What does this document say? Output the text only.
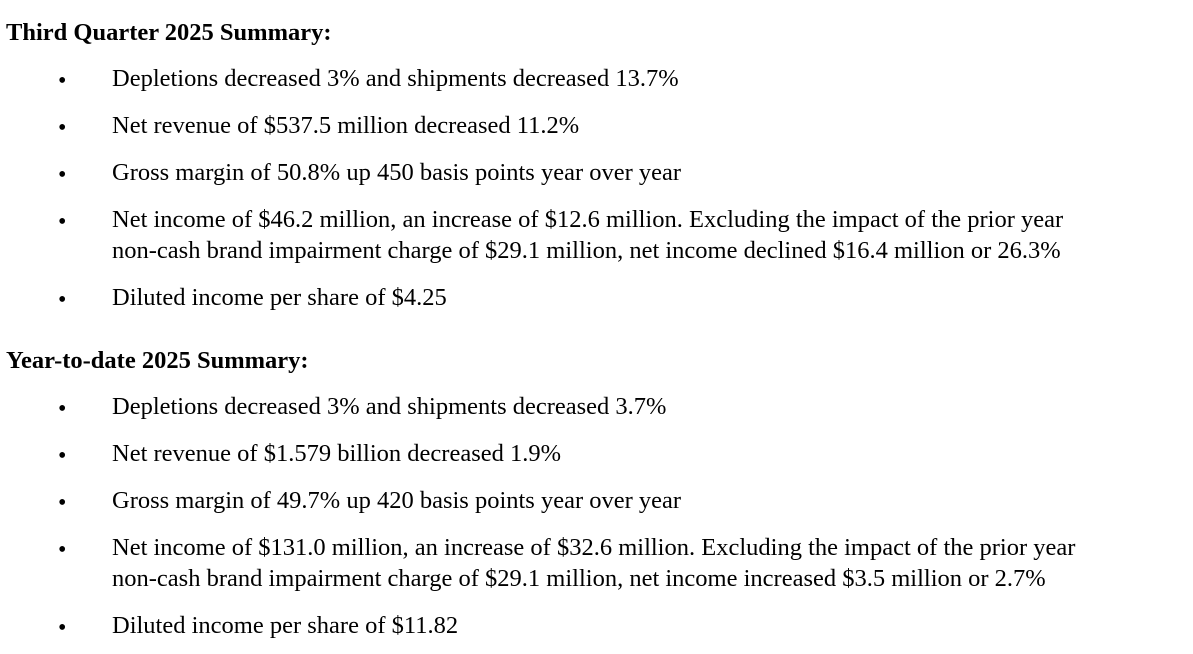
Third Quarter 2025 Summary:
• Depletions decreased 3% and shipments decreased 13.7%
• Net revenue of $537.5 million decreased 11.2%
• Gross margin of 50.8% up 450 basis points year over year
• Net income of $46.2 million, an increase of $12.6 million. Excluding the impact of the prior year
non-cash brand impairment charge of $29.1 million, net income declined $16.4 million or 26.3%
• Diluted income per share of $4.25
Year-to-date 2025 Summary:
• Depletions decreased 3% and shipments decreased 3.7%
• Net revenue of $1.579 billion decreased 1.9%
• Gross margin of 49.7% up 420 basis points year over year
• Net income of $131.0 million, an increase of $32.6 million. Excluding the impact of the prior year
non-cash brand impairment charge of $29.1 million, net income increased $3.5 million or 2.7%
• Diluted income per share of $11.82
